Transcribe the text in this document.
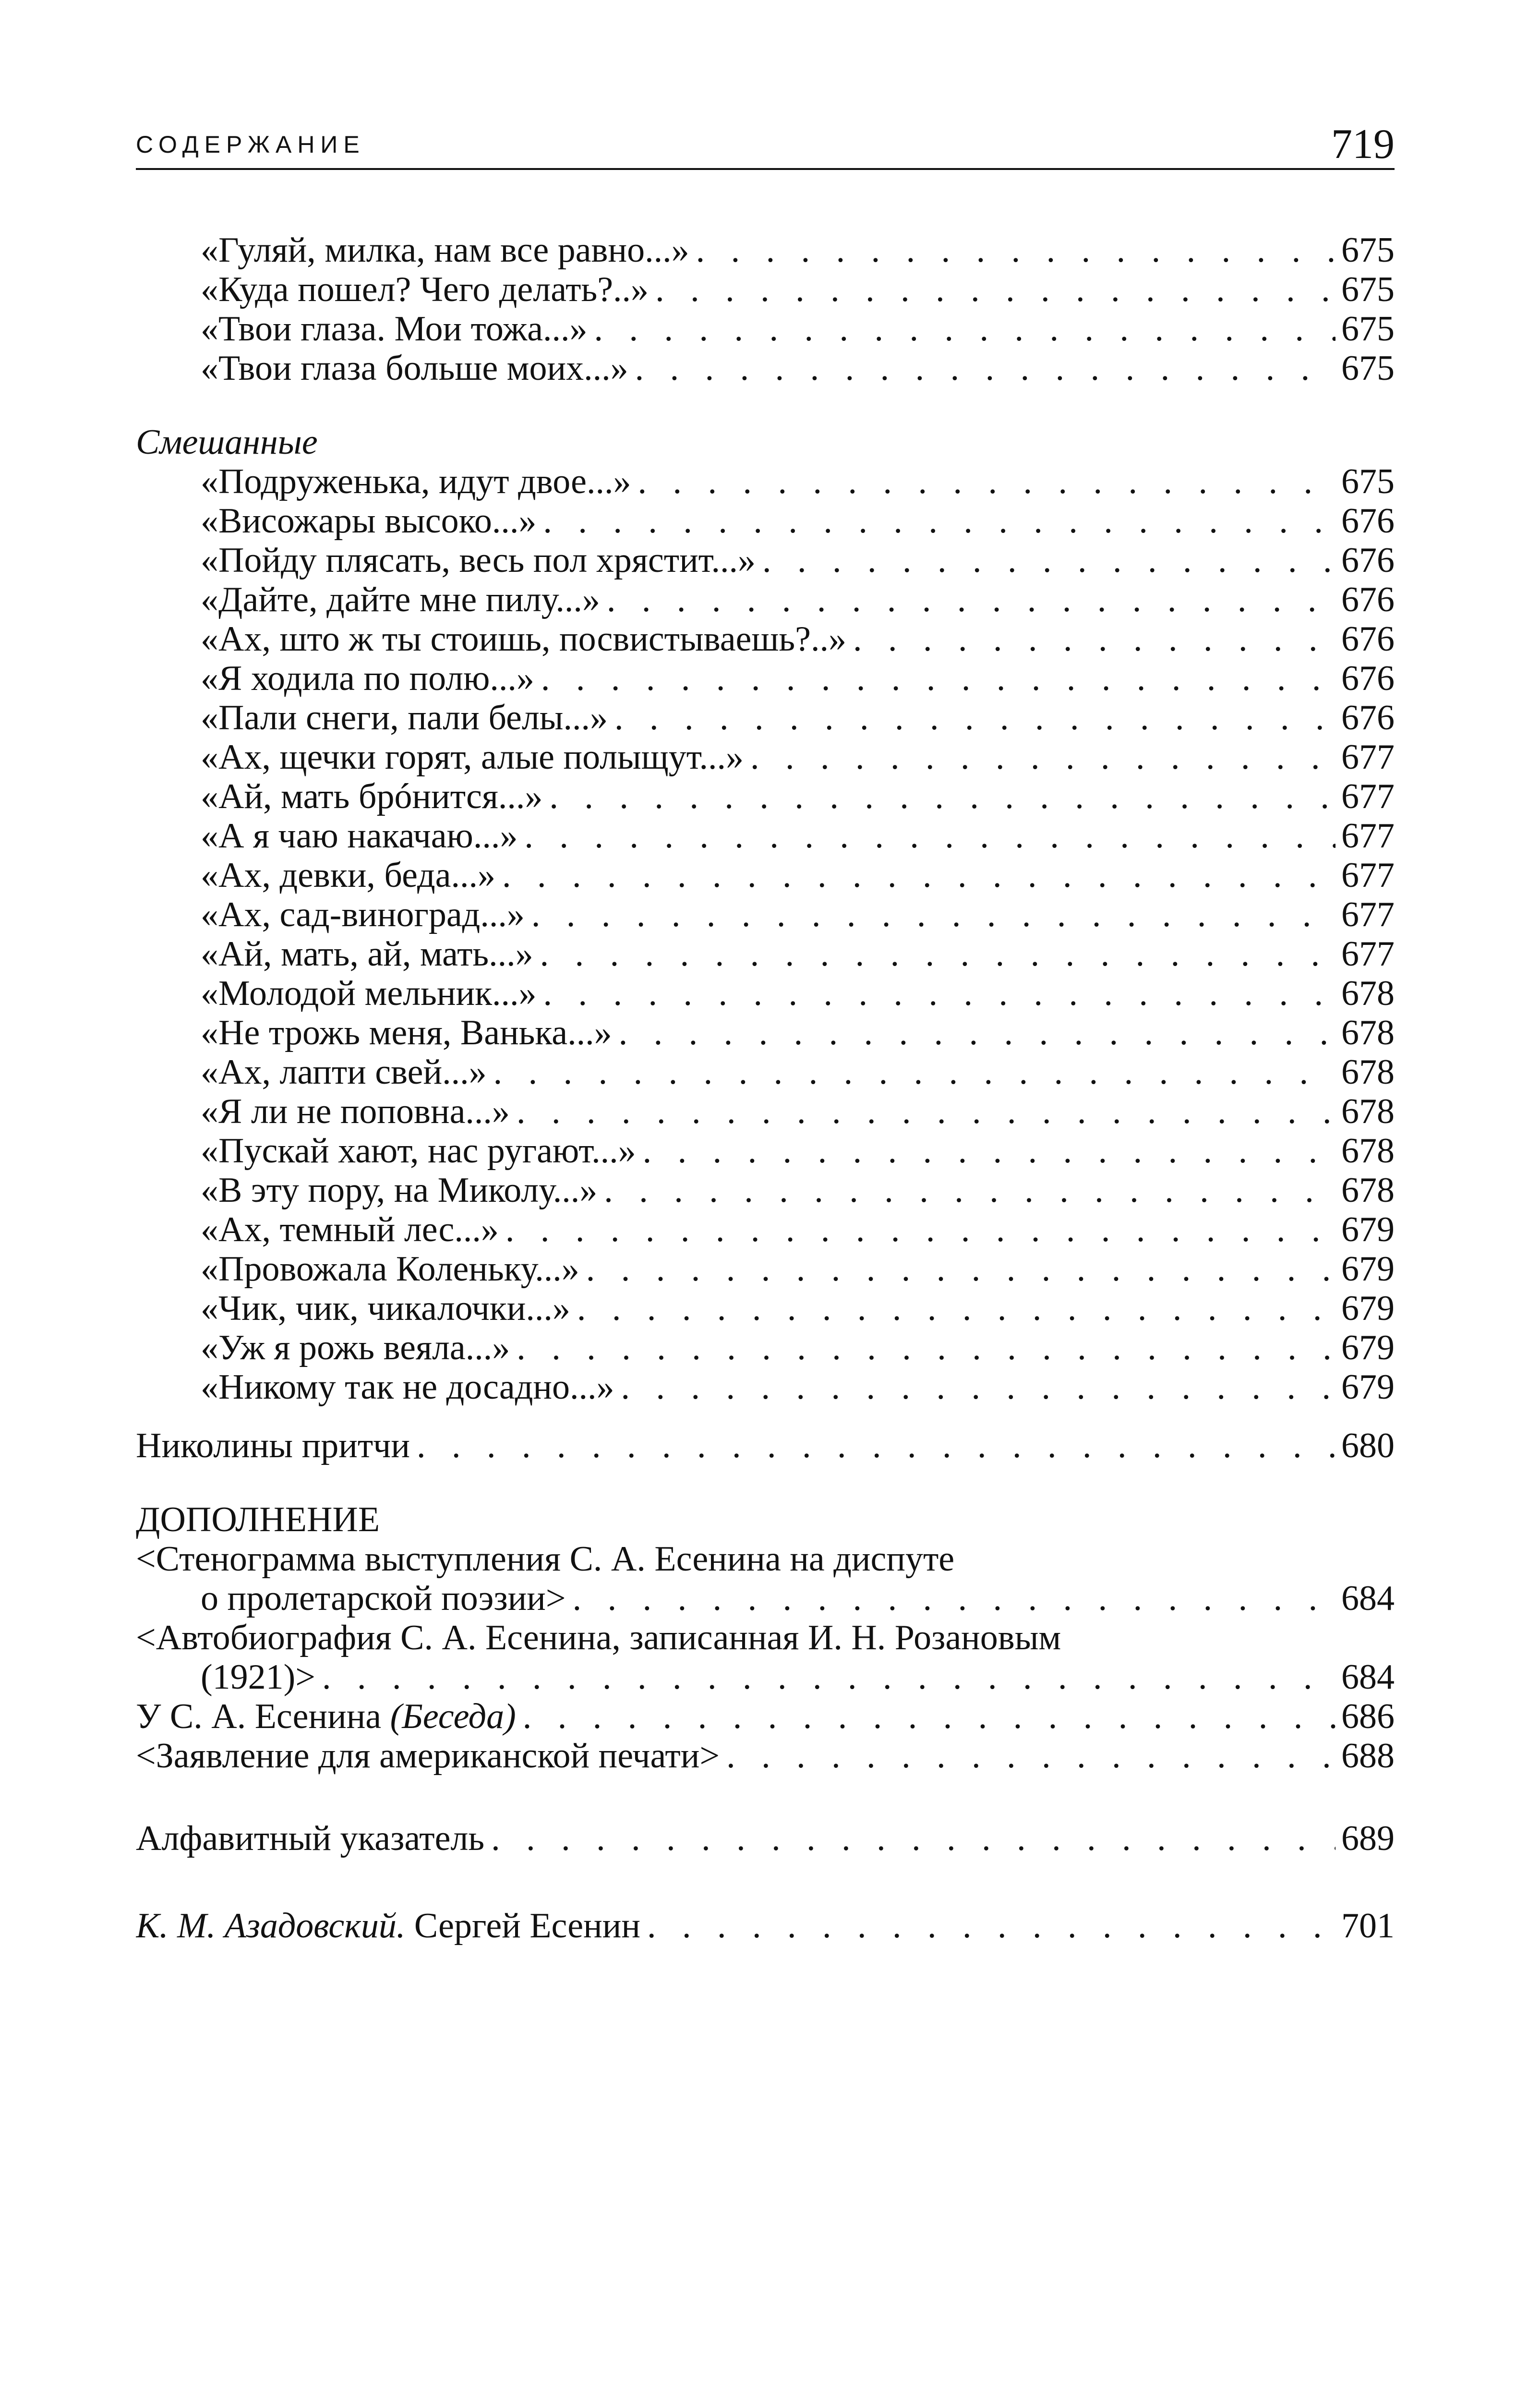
СОДЕРЖАНИЕ	719
«Гуляй, милка, нам все равно...» . . .	675
«Куда пошел? Чего делать?..» . . .	675
«Твои глаза. Мои тожа...» . . .	675
«Твои глаза больше моих...» . . .	675
Смешанные
«Подруженька, идут двое...» . . .	675
«Висожары высоко...» . . .	676
«Пойду плясать, весь пол хрястит...» . . .	676
«Дайте, дайте мне пилу...» . . .	676
«Ах, што ж ты стоишь, посвистываешь?..» . . .	676
«Я ходила по полю...» . . .	676
«Пали снеги, пали белы...» . . .	676
«Ах, щечки горят, алые полыщут...» . . .	677
«Ай, мать брóнится...» . . .	677
«А я чаю накачаю...» . . .	677
«Ах, девки, беда...» . . .	677
«Ах, сад-виноград...» . . .	677
«Ай, мать, ай, мать...» . . .	677
«Молодой мельник...» . . .	678
«Не трожь меня, Ванька...» . . .	678
«Ах, лапти свей...» . . .	678
«Я ли не поповна...» . . .	678
«Пускай хают, нас ругают...» . . .	678
«В эту пору, на Миколу...» . . .	678
«Ах, темный лес...» . . .	679
«Провожала Коленьку...» . . .	679
«Чик, чик, чикалочки...» . . .	679
«Уж я рожь веяла...» . . .	679
«Никому так не досадно...» . . .	679
Николины притчи . . .	680
ДОПОЛНЕНИЕ
<Стенограмма выступления С. А. Есенина на диспуте
о пролетарской поэзии> . . .	684
<Автобиография С. А. Есенина, записанная И. Н. Розановым
(1921)> . . .	684
У С. А. Есенина (Беседа) . . .	686
<Заявление для американской печати> . . .	688
Алфавитный указатель . . .	689
К. М. Азадовский. Сергей Есенин . . .	701
